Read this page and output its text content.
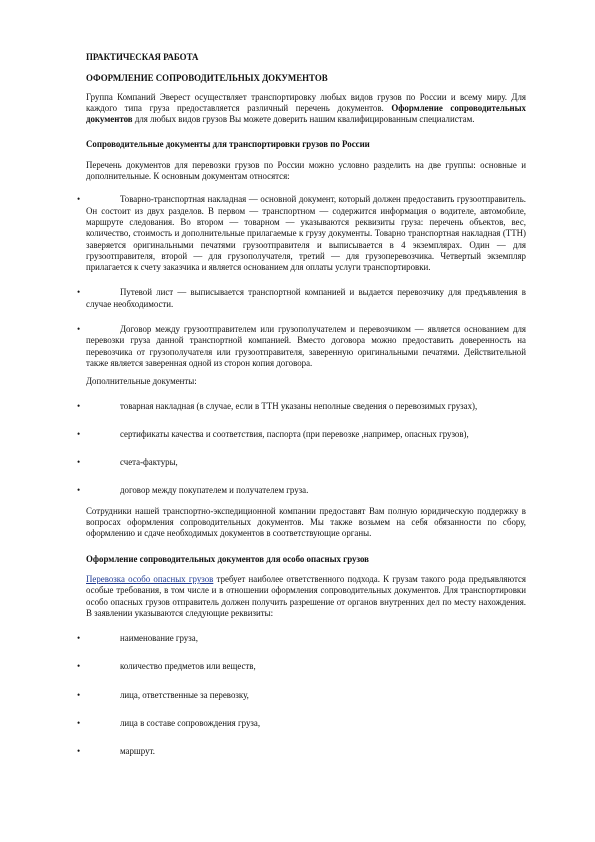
ПРАКТИЧЕСКАЯ РАБОТА

ОФОРМЛЕНИЕ СОПРОВОДИТЕЛЬНЫХ ДОКУМЕНТОВ

Группа Компаний Эверест осуществляет транспортировку любых видов грузов по России и всему миру. Для каждого типа груза предоставляется различный перечень документов. Оформление сопроводительных документов для любых видов грузов Вы можете доверить нашим квалифицированным специалистам.

Сопроводительные документы для транспортировки грузов по России

Перечень документов для перевозки грузов по России можно условно разделить на две группы: основные и дополнительные. К основным документам относятся:

•	Товарно-транспортная накладная — основной документ, который должен предоставить грузоотправитель. Он состоит из двух разделов. В первом — транспортном — содержится информация о водителе, автомобиле, маршруте следования. Во втором — товарном — указываются реквизиты груза: перечень объектов, вес, количество, стоимость и дополнительные прилагаемые к грузу документы. Товарно транспортная накладная (ТТН) заверяется оригинальными печатями грузоотправителя и выписывается в 4 экземплярах. Один — для грузоотправителя, второй — для грузополучателя, третий — для грузоперевозчика. Четвертый экземпляр прилагается к счету заказчика и является основанием для оплаты услуги транспортировки.
•	Путевой лист — выписывается транспортной компанией и выдается перевозчику для предъявления в случае необходимости.
•	Договор между грузоотправителем или грузополучателем и перевозчиком — является основанием для перевозки груза данной транспортной компанией. Вместо договора можно предоставить доверенность на перевозчика от грузополучателя или грузоотправителя, заверенную оригинальными печатями. Действительной также является заверенная одной из сторон копия договора.

Дополнительные документы:

•	товарная накладная (в случае, если в ТТН указаны неполные сведения о перевозимых грузах),
•	сертификаты качества и соответствия, паспорта (при перевозке ,например, опасных грузов),
•	счета-фактуры,
•	договор между покупателем и получателем груза.

Сотрудники нашей транспортно-экспедиционной компании предоставят Вам полную юридическую поддержку в вопросах оформления сопроводительных документов. Мы также возьмем на себя обязанности по сбору, оформлению и сдаче необходимых документов в соответствующие органы.

Оформление сопроводительных документов для особо опасных грузов

Перевозка особо опасных грузов требует наиболее ответственного подхода. К грузам такого рода предъявляются особые требования, в том числе и в отношении оформления сопроводительных документов. Для транспортировки особо опасных грузов отправитель должен получить разрешение от органов внутренних дел по месту нахождения. В заявлении указываются следующие реквизиты:

•	наименование груза,
•	количество предметов или веществ,
•	лица, ответственные за перевозку,
•	лица в составе сопровождения груза,
•	маршрут.
